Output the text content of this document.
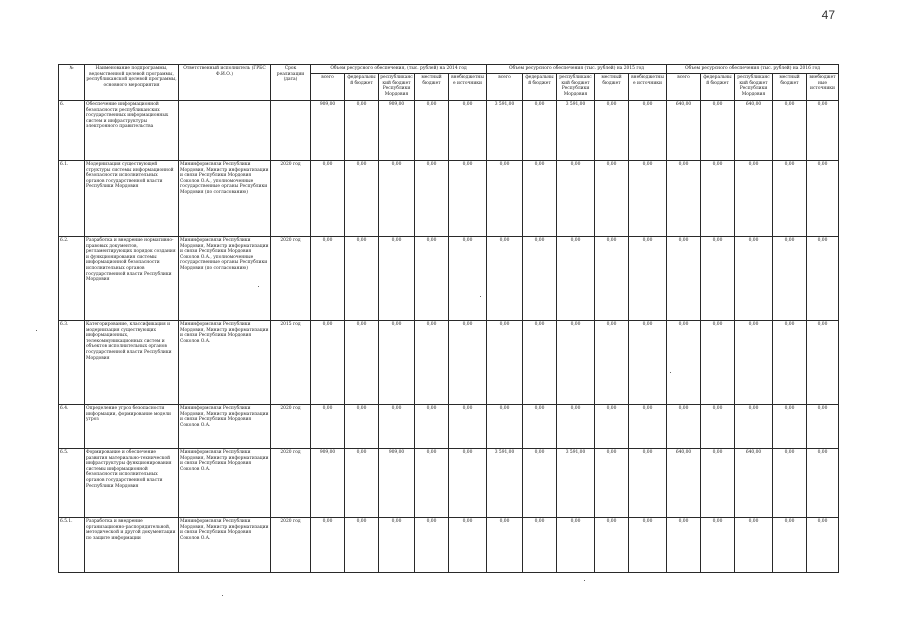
47
№	Наименование подпрограммы, ведомственной целевой программы, республиканской целевой программы, основного мероприятия	Ответственный исполнитель (ГРБС Ф.И.О.)	Срок реализации (дата)	Объем ресурсного обеспечения, (тыс. рублей) на 2014 год					Объем ресурсного обеспечения (тыс. рублей) на 2015 год					Объем ресурсного обеспечения (тыс. рублей) на 2016 год				
				всего	федеральный бюджет	республиканский бюджет Республики Мордовия	местный бюджет	внебюджетные источники	всего	федеральный бюджет	республиканский бюджет Республики Мордовия	местный бюджет	внебюджетные источники	всего	федеральный бюджет	республиканский бюджет Республики Мордовия	местный бюджет	внебюджетные источники
6.	Обеспечение информационной безопасности республиканских государственных информационных систем и инфраструктуры электронного правительства			909,00	0,00	909,00	0,00	0,00	3 591,00	0,00	3 591,00	0,00	0,00	640,00	0,00	640,00	0,00	0,00
6.1.	Модернизация существующей структуры системы информационной безопасности исполнительных органов государственной власти Республики Мордовия	Мининформсвязи Республики Мордовия, Министр информатизации и связи Республики Мордовия Соколов О.А., уполномоченные государственные органы Республики Мордовия (по согласованию)	2020 год	0,00	0,00	0,00	0,00	0,00	0,00	0,00	0,00	0,00	0,00	0,00	0,00	0,00	0,00	0,00
6.2.	Разработка и внедрение нормативно-правовых документов, регламентирующих порядок создания и функционирования системы информационной безопасности исполнительных органов государственной власти Республики Мордовия	Мининформсвязи Республики Мордовия, Министр информатизации и связи Республики Мордовия Соколов О.А., уполномоченные государственные органы Республики Мордовия (по согласованию)	2020 год	0,00	0,00	0,00	0,00	0,00	0,00	0,00	0,00	0,00	0,00	0,00	0,00	0,00	0,00	0,00
6.3.	Категорирование, классификация и модернизация существующих информационных, телекоммуникационных систем и объектов исполнительных органов государственной власти Республики Мордовия	Мининформсвязи Республики Мордовия, Министр информатизации и связи Республики Мордовия Соколов О.А.	2015 год	0,00	0,00	0,00	0,00	0,00	0,00	0,00	0,00	0,00	0,00	0,00	0,00	0,00	0,00	0,00
6.4.	Определение угроз безопасности информации, формирование модели угроз	Мининформсвязи Республики Мордовия, Министр информатизации и связи Республики Мордовия Соколов О.А.	2020 год	0,00	0,00	0,00	0,00	0,00	0,00	0,00	0,00	0,00	0,00	0,00	0,00	0,00	0,00	0,00
6.5.	Формирование и обеспечение развития материально-технической инфраструктуры функционирования системы информационной безопасности исполнительных органов государственной власти Республики Мордовия	Мининформсвязи Республики Мордовия, Министр информатизации и связи Республики Мордовия Соколов О.А.	2020 год	909,00	0,00	909,00	0,00	0,00	3 591,00	0,00	3 591,00	0,00	0,00	640,00	0,00	640,00	0,00	0,00
6.5.1.	Разработка и внедрение организационно-распорядительной, методической и другой документации по защите информации	Мининформсвязи Республики Мордовия, Министр информатизации и связи Республики Мордовия Соколов О.А.	2020 год	0,00	0,00	0,00	0,00	0,00	0,00	0,00	0,00	0,00	0,00	0,00	0,00	0,00	0,00	0,00
